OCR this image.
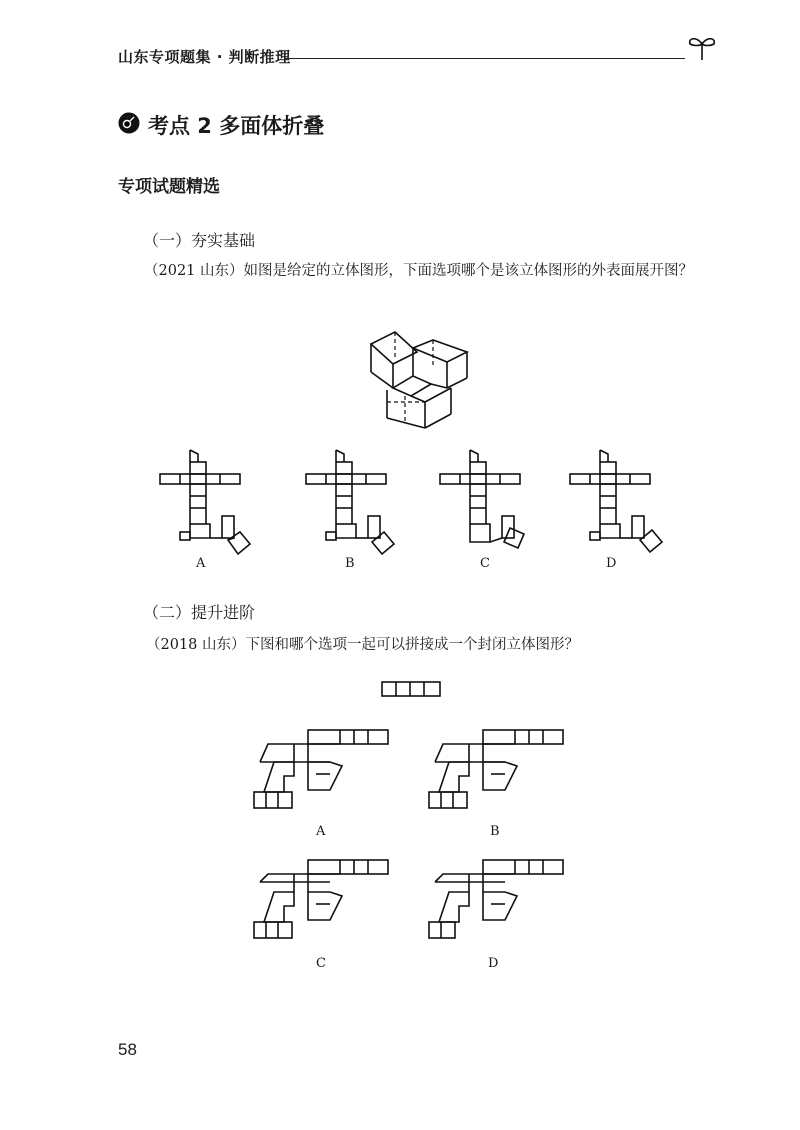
山东专项题集 · 判断推理
考点 2 多面体折叠
专项试题精选
（一）夯实基础
（2021 山东）如图是给定的立体图形，下面选项哪个是该立体图形的外表面展开图？
A	B	C	D
（二）提升进阶
（2018 山东）下图和哪个选项一起可以拼接成一个封闭立体图形？
A	B
C	D
58
